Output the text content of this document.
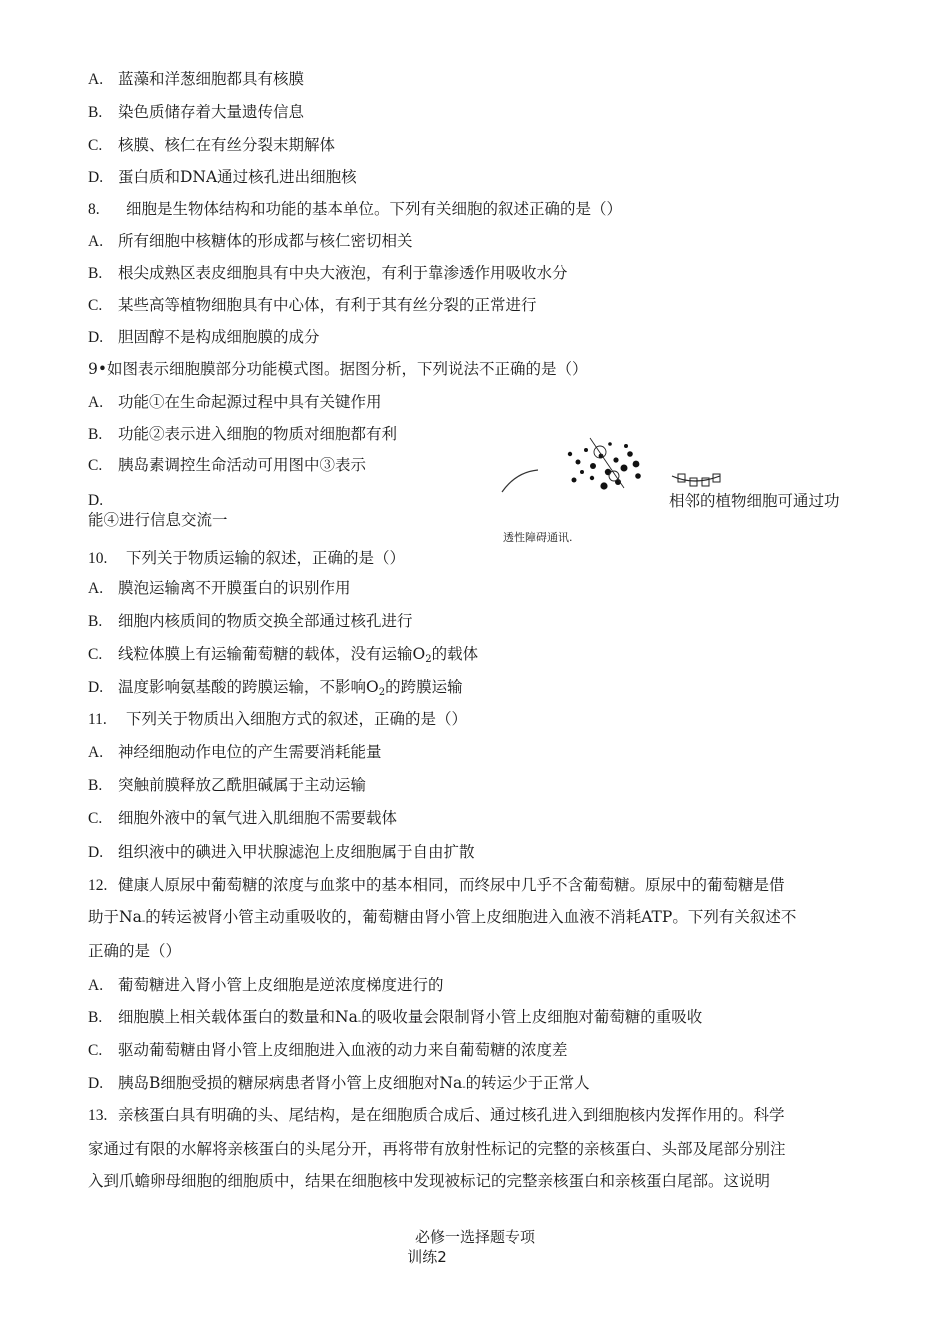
A. 蓝藻和洋葱细胞都具有核膜
B. 染色质储存着大量遗传信息
C. 核膜、核仁在有丝分裂末期解体
D. 蛋白质和DNA通过核孔进出细胞核
8. 细胞是生物体结构和功能的基本单位。下列有关细胞的叙述正确的是（）
A. 所有细胞中核糖体的形成都与核仁密切相关
B. 根尖成熟区表皮细胞具有中央大液泡，有利于靠渗透作用吸收水分
C. 某些高等植物细胞具有中心体，有利于其有丝分裂的正常进行
D. 胆固醇不是构成细胞膜的成分
9•如图表示细胞膜部分功能模式图。据图分析，下列说法不正确的是（）
A. 功能①在生命起源过程中具有关键作用
B. 功能②表示进入细胞的物质对细胞都有利
C. 胰岛素调控生命活动可用图中③表示
D.
能④进行信息交流一
相邻的植物细胞可通过功
透性障碍通讯.
10. 下列关于物质运输的叙述，正确的是（）
A. 膜泡运输离不开膜蛋白的识别作用
B. 细胞内核质间的物质交换全部通过核孔进行
C. 线粒体膜上有运输葡萄糖的载体，没有运输$O_2$的载体
D. 温度影响氨基酸的跨膜运输，不影响$O_2$的跨膜运输
11. 下列关于物质出入细胞方式的叙述，正确的是（）
A. 神经细胞动作电位的产生需要消耗能量
B. 突触前膜释放乙酰胆碱属于主动运输
C. 细胞外液中的氧气进入肌细胞不需要载体
D. 组织液中的碘进入甲状腺滤泡上皮细胞属于自由扩散
12. 健康人原尿中葡萄糖的浓度与血浆中的基本相同，而终尿中几乎不含葡萄糖。原尿中的葡萄糖是借
助于Na-的转运被肾小管主动重吸收的，葡萄糖由肾小管上皮细胞进入血液不消耗ATP。下列有关叙述不
正确的是（）
A. 葡萄糖进入肾小管上皮细胞是逆浓度梯度进行的
B. 细胞膜上相关载体蛋白的数量和Na-的吸收量会限制肾小管上皮细胞对葡萄糖的重吸收
C. 驱动葡萄糖由肾小管上皮细胞进入血液的动力来自葡萄糖的浓度差
D. 胰岛B细胞受损的糖尿病患者肾小管上皮细胞对Na-的转运少于正常人
13. 亲核蛋白具有明确的头、尾结构，是在细胞质合成后、通过核孔进入到细胞核内发挥作用的。科学
家通过有限的水解将亲核蛋白的头尾分开，再将带有放射性标记的完整的亲核蛋白、头部及尾部分别注
入到爪蟾卵母细胞的细胞质中，结果在细胞核中发现被标记的完整亲核蛋白和亲核蛋白尾部。这说明
必修一选择题专项
训练2
